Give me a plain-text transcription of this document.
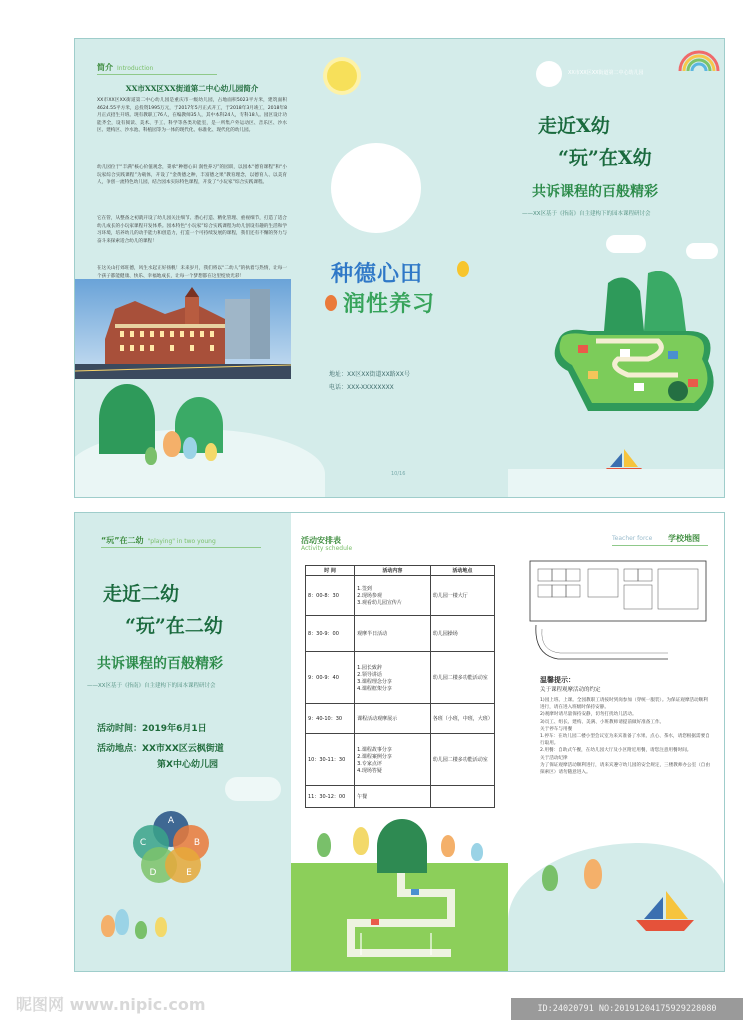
简介 Introduction
XX市XX区XX街道第二中心幼儿园简介
XX市XX区XX街道第二中心幼儿园是重庆市一级幼儿园，占地面积5023平方米，建筑面积4624.55平方米，总投资1995万元，于2017年5月正式开工，于2018年3月竣工，2018年8月正式招生开班。现有教职工76人，在编教师35人，其中本科24人，专科18人。园区设计功能齐全，设有阅读、美术、手工、科学等各类功能室，是一所集户外运动区、音乐区、沙水区、建构区、沙水池、科植园等为一体的现代化、标准化、现代化的幼儿园。
幼儿园位于“丰满”核心价值观念，秉承“种德心田 润性养习”的园训，以园本“德育课程”和“小玩家综合实践课程”为载体，开设了“金黄德之种，丰富德之果”教育理念，以德育人、以美育人，争创一流特色幼儿园，结合园本实际特色课程，开发了“小玩家”综合实践课程。
它在管，从整备之初就开设了幼儿园关注细节、潜心打造、精化管理、重视细节，打造了适合幼儿成长的小玩家课程开发体系。园本特色“小玩家”综合实践课程为幼儿创设有趣的生活和学习环境，培养幼儿的动手能力和创造力，打造一个可持续发展的课程，我们还有不懈的努力与奋斗来探索适合幼儿的课程！
在这关山打郊旺德，风生水起正好扬帆！未来岁月，我们将以“二幼人”的执着与热情，让每一个孩子都能健康、快乐、幸福地成长，让每一个梦想都在这里绽放光彩！	种德心田
润性养习
地址：XX区XX街道XX路XX号
电话：XXX-XXXXXXXX
10/16
XX市XX区XX街道第二中心幼儿园
走近X幼
“玩”在X幼
共诉课程的百般精彩
——XX区基于《指南》自主建构下的园本课程研讨会
“玩”在二幼 "playing" in two young
走近二幼
“玩”在二幼
共诉课程的百般精彩
——XX区基于《指南》自主建构下的园本课程研讨会
活动时间：2019年6月1日
活动地点：XX市XX区云枫街道
第X中心幼儿园
A
B
C
D	E
活动安排表
Activity schedule
时 间	活动内容	活动地点
8：00-8：30	1.签到
2.现场参观
3.观看幼儿园宣传片	幼儿园一楼大厅
8：30-9：00	观摩半日活动	幼儿园操场
9：00-9：40	1.园长致辞
2.领导讲话
3.课程理念分享
4.课程框架分享	幼儿园二楼多功能活动室
9：40-10：30	课程活动观摩展示	各班（小班，中班，大班）
10：30-11：30	1.课程故事分享
2.课程案例分享
3.专家点评
4.现场答疑	幼儿园二楼多功能活动室
11：30-12：00	午餐	

Teacher force 学校地图
温馨提示：
关于课程观摩活动的约定
1)园上班、上课。全园教职工请按时到岗参加（穿统一服装）。为保证观摩活动顺利进行，请在进入班级时保持安静。
2)观摩时请尽量保持安静，切勿打扰幼儿活动。
3)员工、组长、建构、美满、小班教师请提前做好准备工作。
关于停车与用餐
1.停车：在幼儿园二楼小型会议室为来宾准备了水果、点心、茶水，请您根据需要自行取用。
2.用餐：自助式午餐，在幼儿园大厅及小区附近用餐，请您注意用餐时间。
关于活动纪律
为了保证观摩活动顺利进行，请来宾遵守幼儿园的安全规定，三楼教师办公室（自由探索区）请勿随意进入。
昵图网 www.nipic.com	ID:24020791 NO:20191204175929228080
